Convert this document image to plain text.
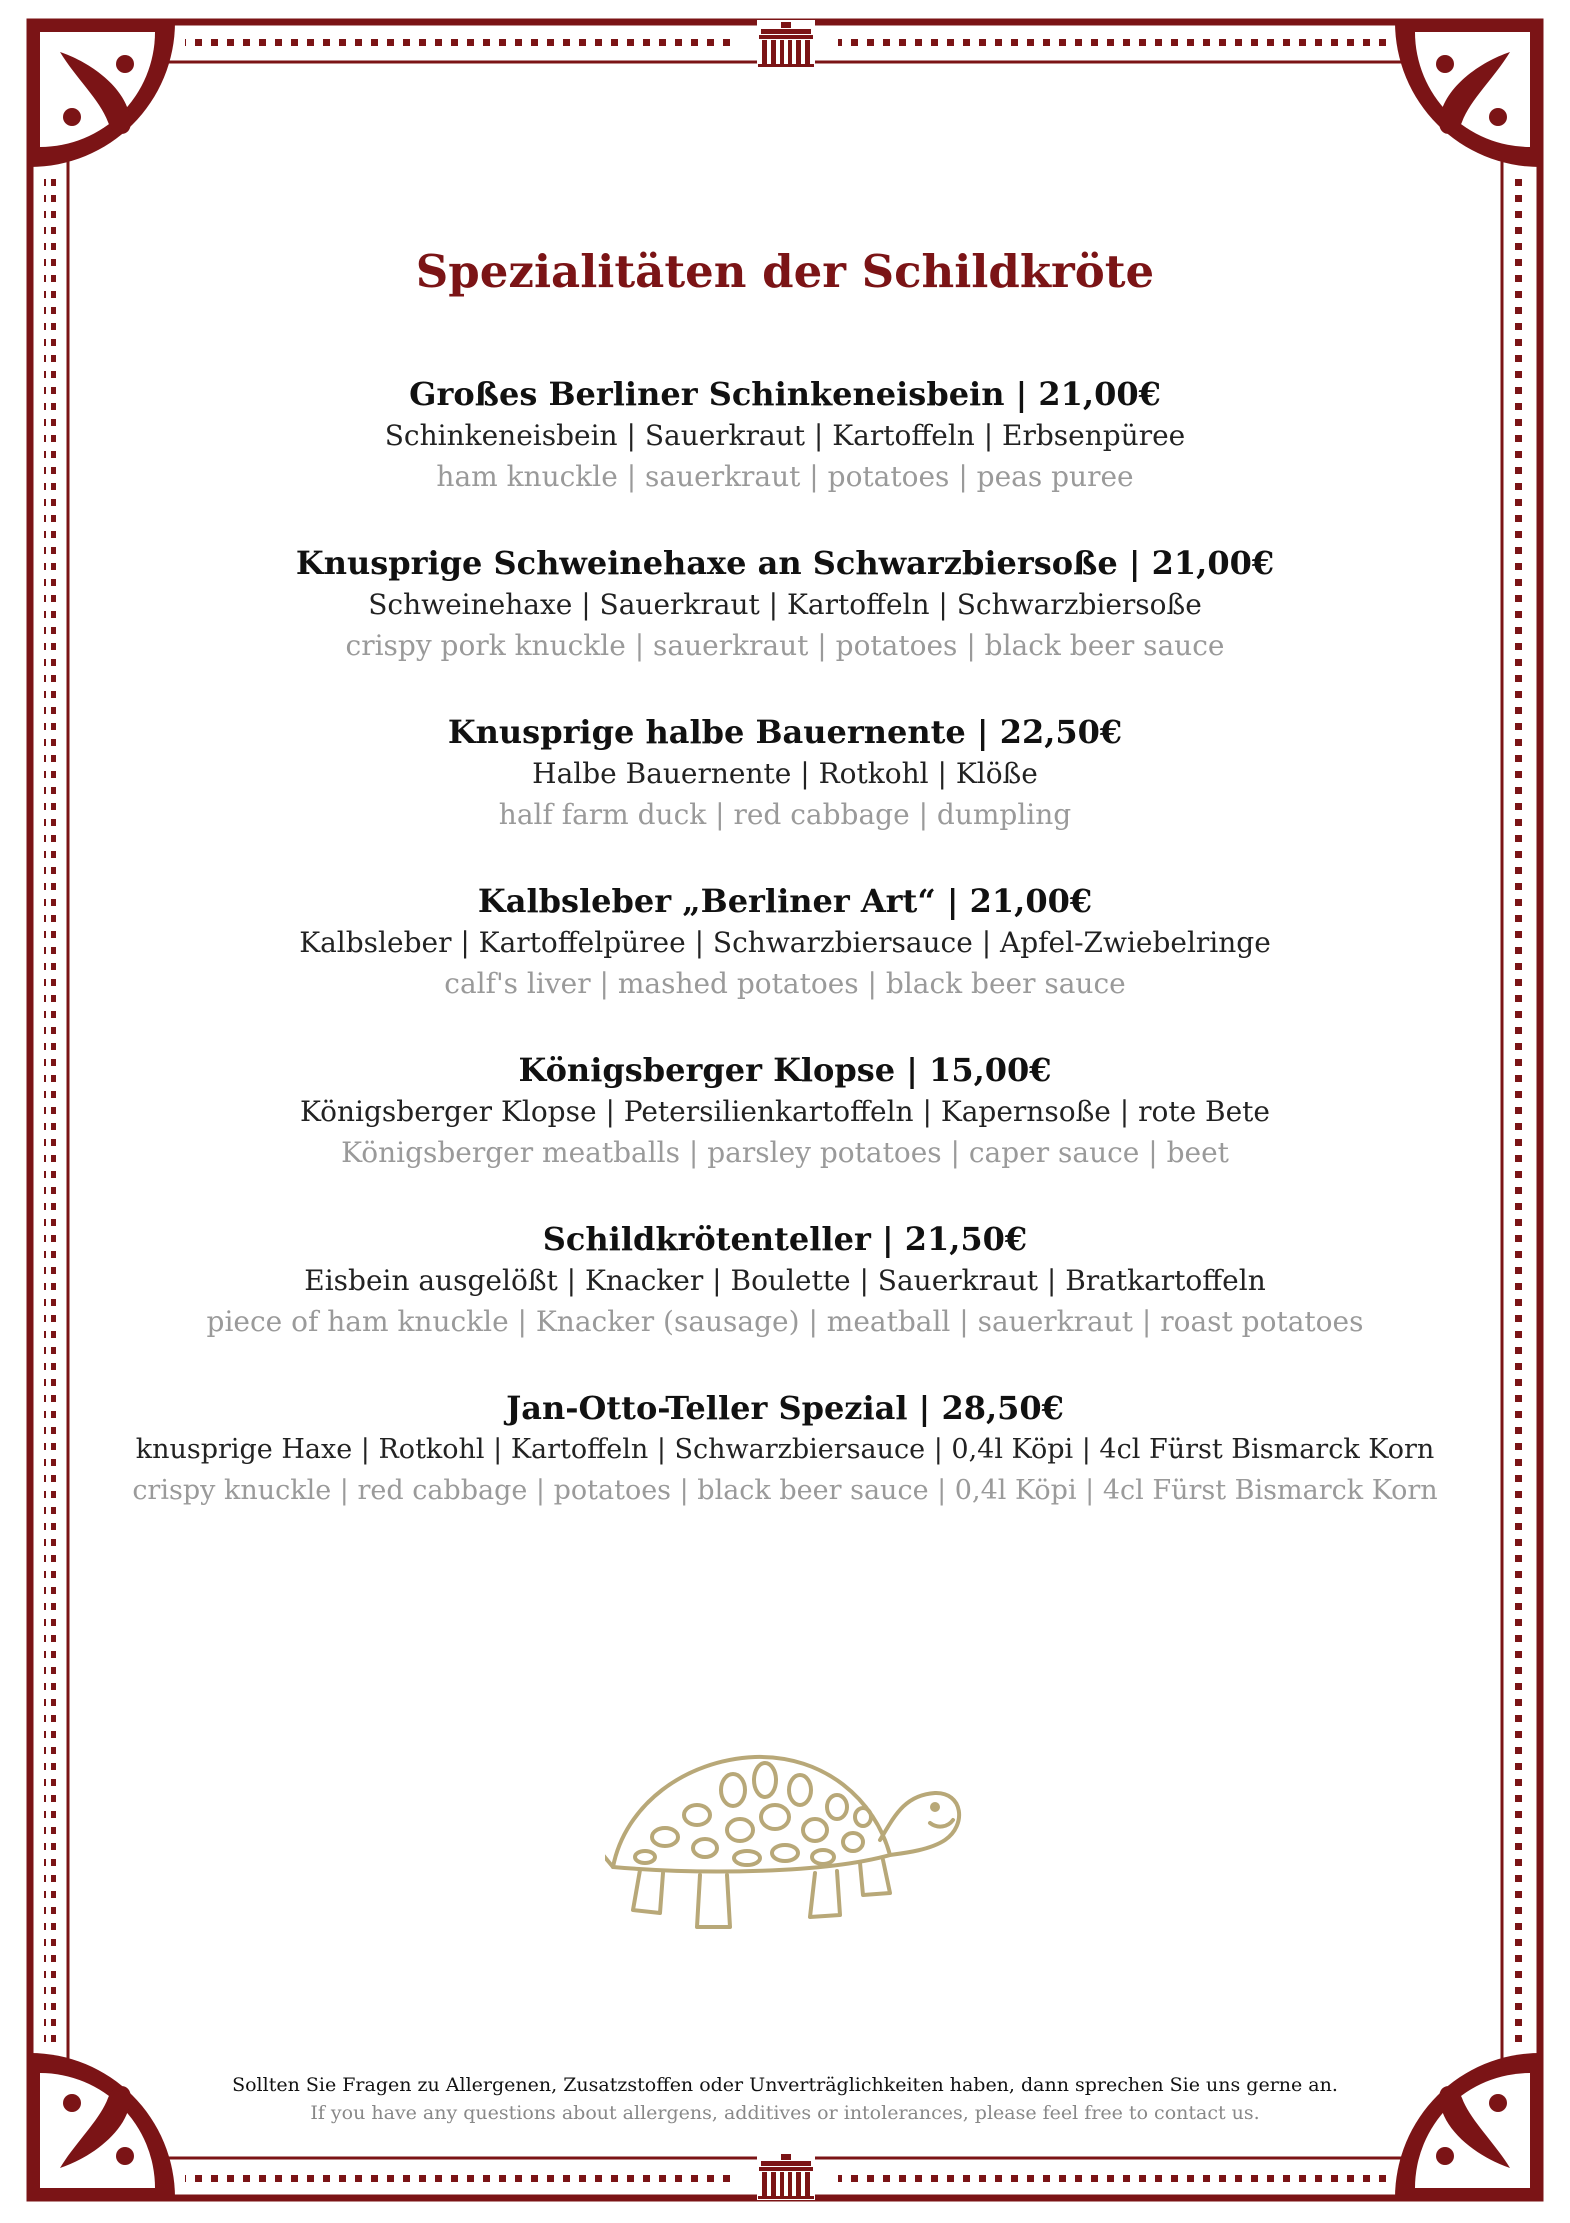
Spezialitäten der Schildkröte
Großes Berliner Schinkeneisbein | 21,00€
Schinkeneisbein | Sauerkraut | Kartoffeln | Erbsenpüree
ham knuckle | sauerkraut | potatoes | peas puree
Knusprige Schweinehaxe an Schwarzbiersoße | 21,00€
Schweinehaxe | Sauerkraut | Kartoffeln | Schwarzbiersoße
crispy pork knuckle | sauerkraut | potatoes | black beer sauce
Knusprige halbe Bauernente | 22,50€
Halbe Bauernente | Rotkohl | Klöße
half farm duck | red cabbage | dumpling
Kalbsleber „Berliner Art“ | 21,00€
Kalbsleber | Kartoffelpüree | Schwarzbiersauce | Apfel-Zwiebelringe
calf's liver | mashed potatoes | black beer sauce
Königsberger Klopse | 15,00€
Königsberger Klopse | Petersilienkartoffeln | Kapernsoße | rote Bete
Königsberger meatballs | parsley potatoes | caper sauce | beet
Schildkrötenteller | 21,50€
Eisbein ausgelößt | Knacker | Boulette | Sauerkraut | Bratkartoffeln
piece of ham knuckle | Knacker (sausage) | meatball | sauerkraut | roast potatoes
Jan-Otto-Teller Spezial | 28,50€
knusprige Haxe | Rotkohl | Kartoffeln | Schwarzbiersauce | 0,4l Köpi | 4cl Fürst Bismarck Korn
crispy knuckle | red cabbage | potatoes | black beer sauce | 0,4l Köpi | 4cl Fürst Bismarck Korn
Sollten Sie Fragen zu Allergenen, Zusatzstoffen oder Unverträglichkeiten haben, dann sprechen Sie uns gerne an.
If you have any questions about allergens, additives or intolerances, please feel free to contact us.
